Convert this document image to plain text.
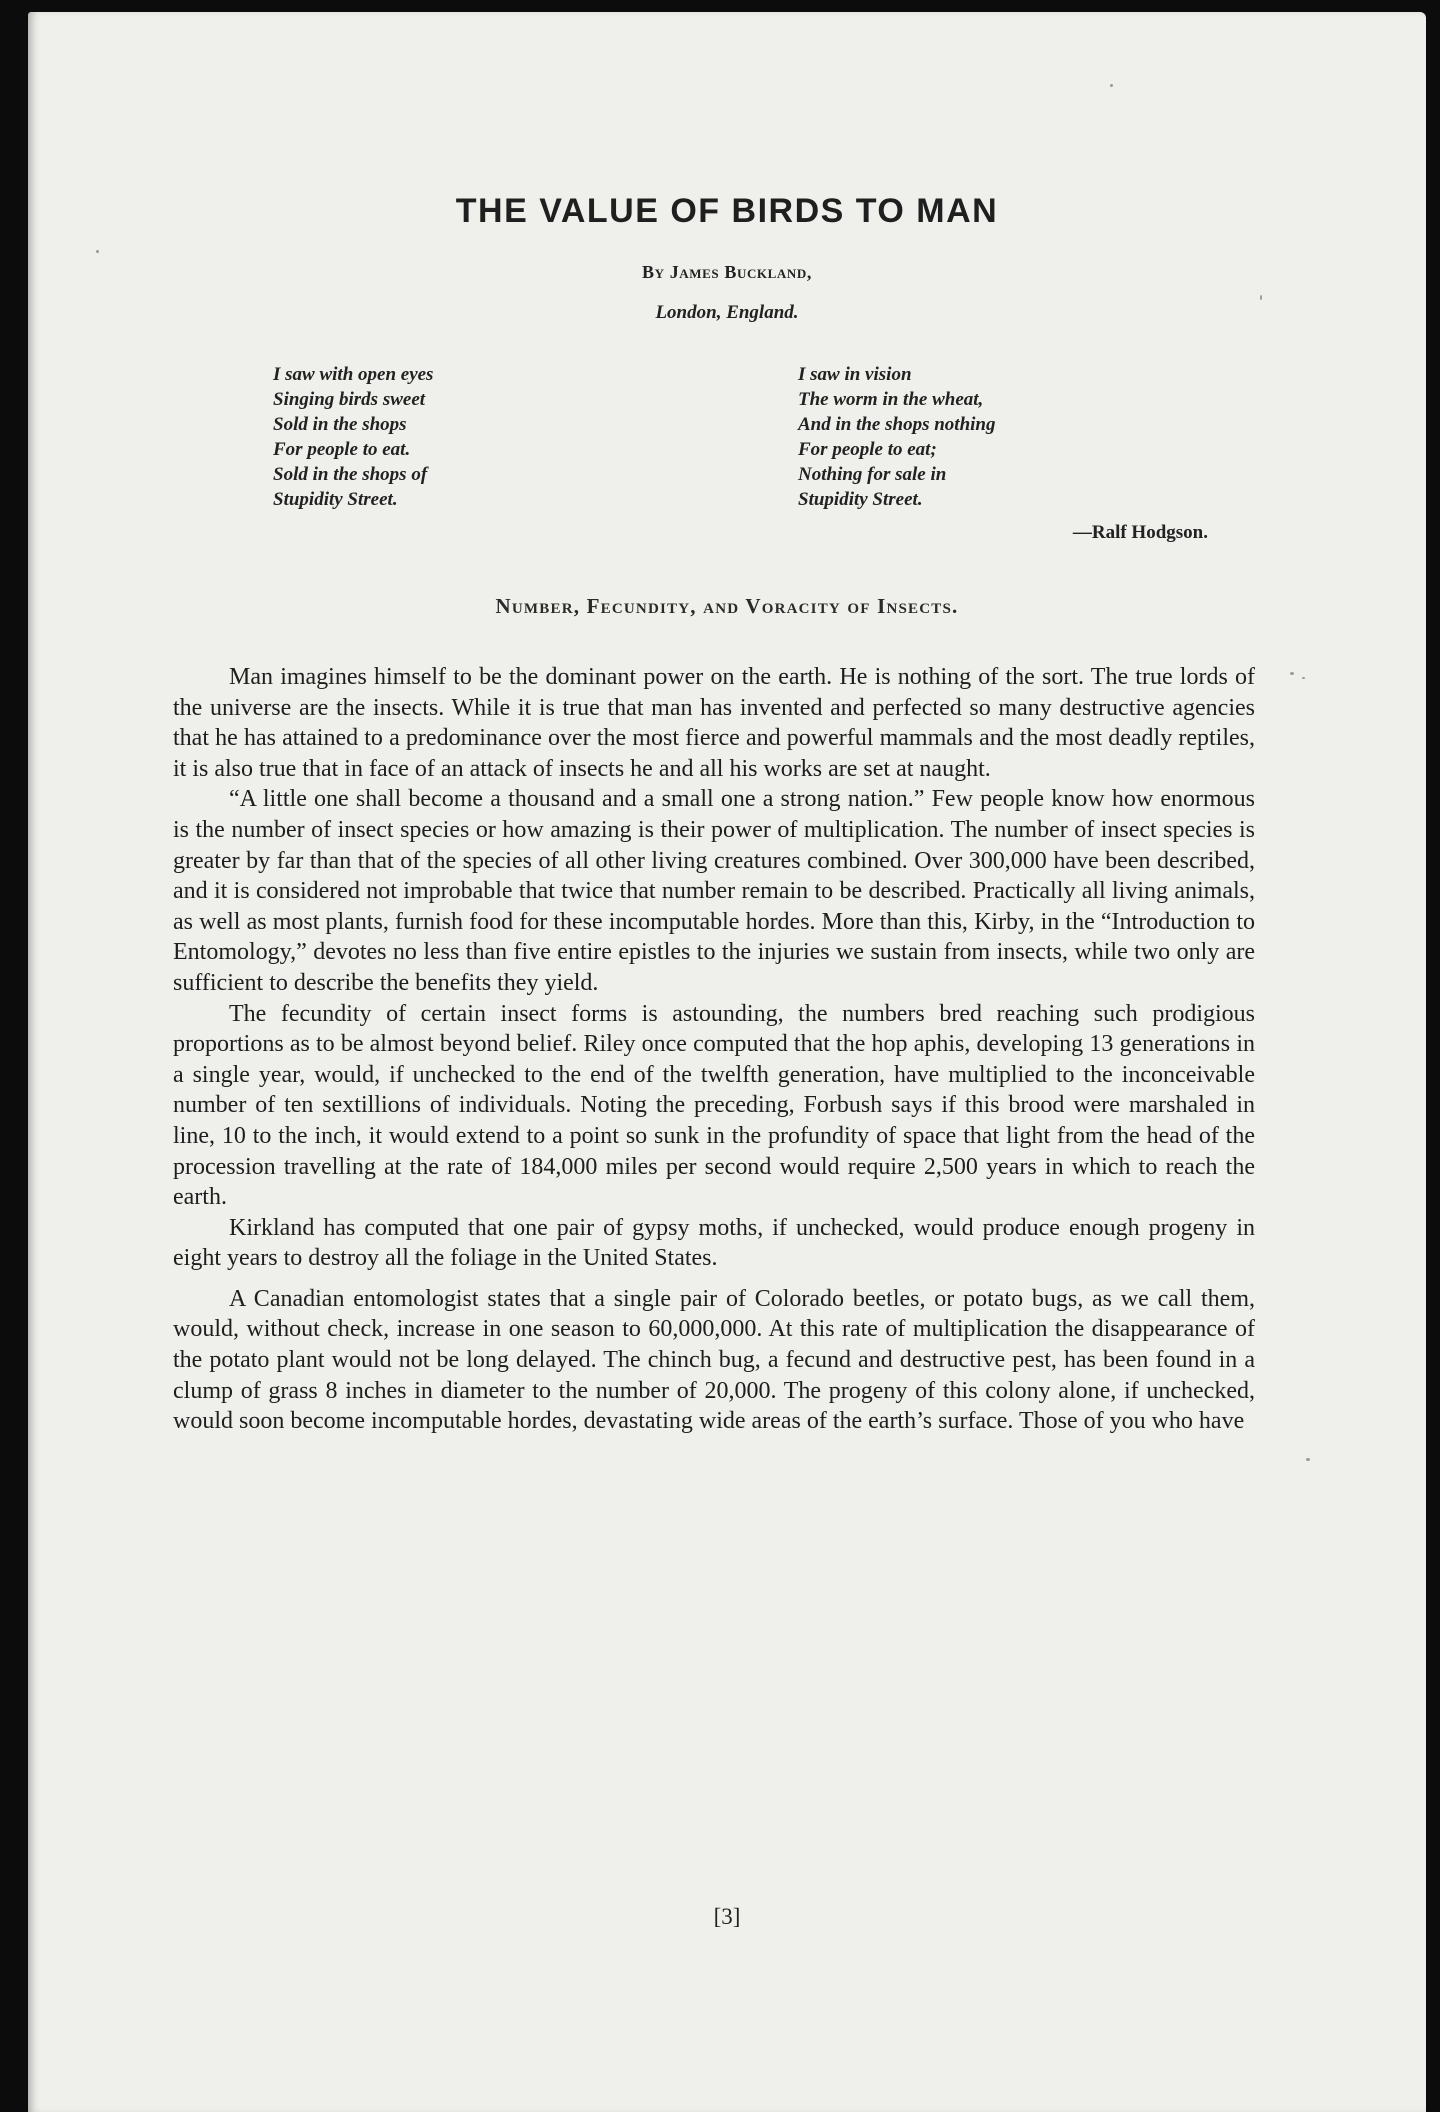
THE VALUE OF BIRDS TO MAN

By James Buckland,

London, England.

I saw with open eyes
Singing birds sweet
Sold in the shops
For people to eat.
Sold in the shops of
Stupidity Street.
I saw in vision
The worm in the wheat,
And in the shops nothing
For people to eat;
Nothing for sale in
Stupidity Street.

—Ralf Hodgson.

Number, Fecundity, and Voracity of Insects.

Man imagines himself to be the dominant power on the earth. He is nothing of the sort. The true lords of the universe are the insects. While it is true that man has invented and perfected so many destructive agencies that he has attained to a predominance over the most fierce and powerful mammals and the most deadly reptiles, it is also true that in face of an attack of insects he and all his works are set at naught.

“A little one shall become a thousand and a small one a strong nation.” Few people know how enormous is the number of insect species or how amazing is their power of multiplication. The number of insect species is greater by far than that of the species of all other living creatures combined. Over 300,000 have been described, and it is considered not improbable that twice that number remain to be described. Practically all living animals, as well as most plants, furnish food for these incomputable hordes. More than this, Kirby, in the “Introduction to Entomology,” devotes no less than five entire epistles to the injuries we sustain from insects, while two only are sufficient to describe the benefits they yield.

The fecundity of certain insect forms is astounding, the numbers bred reaching such prodigious proportions as to be almost beyond belief. Riley once computed that the hop aphis, developing 13 generations in a single year, would, if unchecked to the end of the twelfth generation, have multiplied to the inconceivable number of ten sextillions of individuals. Noting the preceding, Forbush says if this brood were marshaled in line, 10 to the inch, it would extend to a point so sunk in the profundity of space that light from the head of the procession travelling at the rate of 184,000 miles per second would require 2,500 years in which to reach the earth.

Kirkland has computed that one pair of gypsy moths, if unchecked, would produce enough progeny in eight years to destroy all the foliage in the United States.

A Canadian entomologist states that a single pair of Colorado beetles, or potato bugs, as we call them, would, without check, increase in one season to 60,000,000. At this rate of multiplication the disappearance of the potato plant would not be long delayed. The chinch bug, a fecund and destructive pest, has been found in a clump of grass 8 inches in diameter to the number of 20,000. The progeny of this colony alone, if unchecked, would soon become incomputable hordes, devastating wide areas of the earth’s surface. Those of you who have

[3]
